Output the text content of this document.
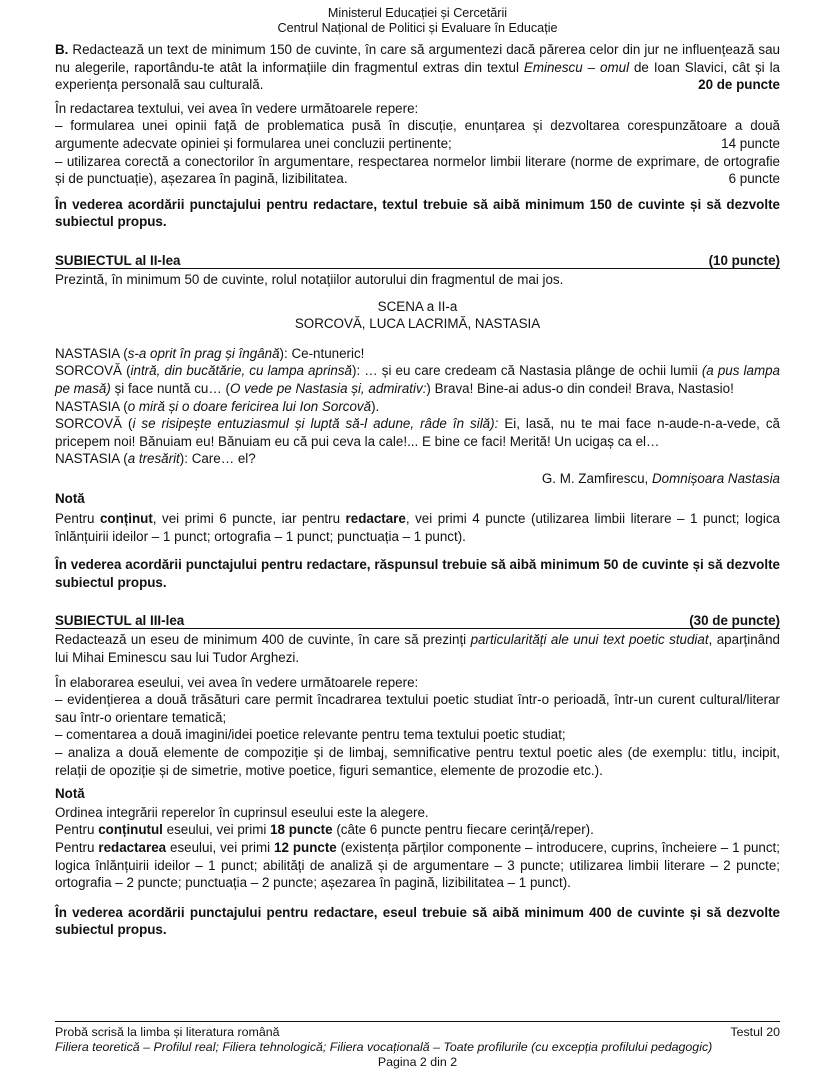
Ministerul Educației și Cercetării
Centrul Național de Politici și Evaluare în Educație
B. Redactează un text de minimum 150 de cuvinte, în care să argumentezi dacă părerea celor din jur ne influențează sau nu alegerile, raportându-te atât la informațiile din fragmentul extras din textul Eminescu – omul de Ioan Slavici, cât și la experiența personală sau culturală.	20 de puncte
În redactarea textului, vei avea în vedere următoarele repere:
– formularea unei opinii față de problematica pusă în discuție, enunțarea și dezvoltarea corespunzătoare a două argumente adecvate opiniei și formularea unei concluzii pertinente;	14 puncte
– utilizarea corectă a conectorilor în argumentare, respectarea normelor limbii literare (norme de exprimare, de ortografie și de punctuație), așezarea în pagină, lizibilitatea.	6 puncte
În vederea acordării punctajului pentru redactare, textul trebuie să aibă minimum 150 de cuvinte și să dezvolte subiectul propus.
SUBIECTUL al II-lea	(10 puncte)
Prezintă, în minimum 50 de cuvinte, rolul notațiilor autorului din fragmentul de mai jos.
SCENA a II-a
SORCOVĂ, LUCA LACRIMĂ, NASTASIA
NASTASIA (s-a oprit în prag și îngână): Ce-ntuneric!
SORCOVĂ (intră, din bucătărie, cu lampa aprinsă): … și eu care credeam că Nastasia plânge de ochii lumii (a pus lampa pe masă) și face nuntă cu… (O vede pe Nastasia și, admirativ:) Brava! Bine-ai adus-o din condei! Brava, Nastasio!
NASTASIA (o miră și o doare fericirea lui Ion Sorcovă).
SORCOVĂ (i se risipește entuziasmul și luptă să-l adune, râde în silă): Ei, lasă, nu te mai face n-aude-n-a-vede, că pricepem noi! Bănuiam eu! Bănuiam eu că pui ceva la cale!... E bine ce faci! Merită! Un ucigaș ca el…
NASTASIA (a tresărit): Care… el?
G. M. Zamfirescu, Domnișoara Nastasia
Notă
Pentru conținut, vei primi 6 puncte, iar pentru redactare, vei primi 4 puncte (utilizarea limbii literare – 1 punct; logica înlănțuirii ideilor – 1 punct; ortografia – 1 punct; punctuația – 1 punct).
În vederea acordării punctajului pentru redactare, răspunsul trebuie să aibă minimum 50 de cuvinte și să dezvolte subiectul propus.
SUBIECTUL al III-lea	(30 de puncte)
Redactează un eseu de minimum 400 de cuvinte, în care să prezinți particularități ale unui text poetic studiat, aparținând lui Mihai Eminescu sau lui Tudor Arghezi.
În elaborarea eseului, vei avea în vedere următoarele repere:
– evidențierea a două trăsături care permit încadrarea textului poetic studiat într-o perioadă, într-un curent cultural/literar sau într-o orientare tematică;
– comentarea a două imagini/idei poetice relevante pentru tema textului poetic studiat;
– analiza a două elemente de compoziție și de limbaj, semnificative pentru textul poetic ales (de exemplu: titlu, incipit, relații de opoziție și de simetrie, motive poetice, figuri semantice, elemente de prozodie etc.).
Notă
Ordinea integrării reperelor în cuprinsul eseului este la alegere.
Pentru conținutul eseului, vei primi 18 puncte (câte 6 puncte pentru fiecare cerință/reper).
Pentru redactarea eseului, vei primi 12 puncte (existența părților componente – introducere, cuprins, încheiere – 1 punct; logica înlănțuirii ideilor – 1 punct; abilități de analiză și de argumentare – 3 puncte; utilizarea limbii literare – 2 puncte; ortografia – 2 puncte; punctuația – 2 puncte; așezarea în pagină, lizibilitatea – 1 punct).
În vederea acordării punctajului pentru redactare, eseul trebuie să aibă minimum 400 de cuvinte și să dezvolte subiectul propus.
Probă scrisă la limba și literatura română	Testul 20
Filiera teoretică – Profilul real; Filiera tehnologică; Filiera vocațională – Toate profilurile (cu excepția profilului pedagogic)
Pagina 2 din 2
